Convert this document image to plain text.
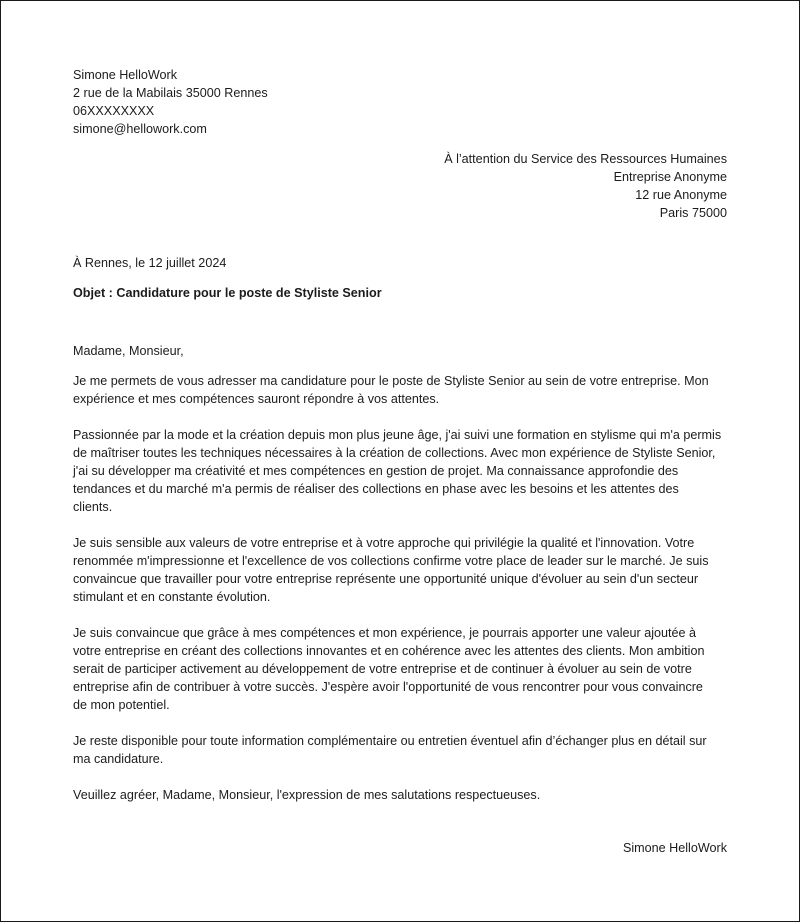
Simone HelloWork
2 rue de la Mabilais 35000 Rennes
06XXXXXXXX
simone@hellowork.com
À l’attention du Service des Ressources Humaines
Entreprise Anonyme
12 rue Anonyme
Paris 75000
À Rennes, le 12 juillet 2024
Objet : Candidature pour le poste de Styliste Senior
Madame, Monsieur,

Je me permets de vous adresser ma candidature pour le poste de Styliste Senior au sein de votre entreprise. Mon
expérience et mes compétences sauront répondre à vos attentes.

Passionnée par la mode et la création depuis mon plus jeune âge, j'ai suivi une formation en stylisme qui m'a permis
de maîtriser toutes les techniques nécessaires à la création de collections. Avec mon expérience de Styliste Senior,
j'ai su développer ma créativité et mes compétences en gestion de projet. Ma connaissance approfondie des
tendances et du marché m'a permis de réaliser des collections en phase avec les besoins et les attentes des
clients.

Je suis sensible aux valeurs de votre entreprise et à votre approche qui privilégie la qualité et l'innovation. Votre
renommée m'impressionne et l'excellence de vos collections confirme votre place de leader sur le marché. Je suis
convaincue que travailler pour votre entreprise représente une opportunité unique d'évoluer au sein d'un secteur
stimulant et en constante évolution.

Je suis convaincue que grâce à mes compétences et mon expérience, je pourrais apporter une valeur ajoutée à
votre entreprise en créant des collections innovantes et en cohérence avec les attentes des clients. Mon ambition
serait de participer activement au développement de votre entreprise et de continuer à évoluer au sein de votre
entreprise afin de contribuer à votre succès. J'espère avoir l'opportunité de vous rencontrer pour vous convaincre
de mon potentiel.

Je reste disponible pour toute information complémentaire ou entretien éventuel afin d’échanger plus en détail sur
ma candidature.

Veuillez agréer, Madame, Monsieur, l'expression de mes salutations respectueuses.

Simone HelloWork
